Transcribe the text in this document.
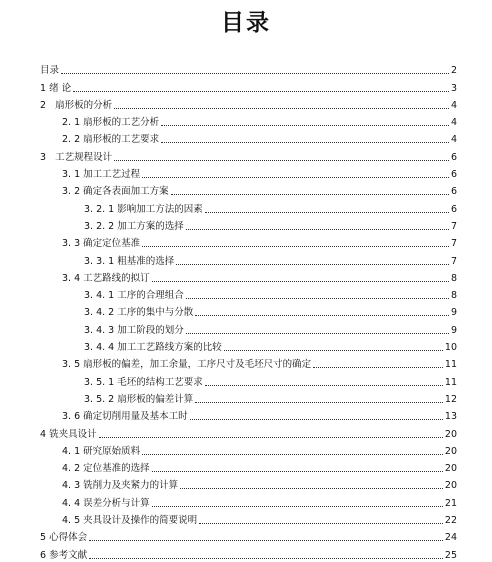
目录
目录	2
1 绪 论	3
2   扇形板的分析	4
2. 1 扇形板的工艺分析	4
2. 2 扇形板的工艺要求	4
3   工艺规程设计	6
3. 1 加工工艺过程	6
3. 2 确定各表面加工方案	6
3. 2. 1 影响加工方法的因素	6
3. 2. 2 加工方案的选择	7
3. 3 确定定位基准	7
3. 3. 1 粗基准的选择	7
3. 4 工艺路线的拟订	8
3. 4. 1 工序的合理组合	8
3. 4. 2 工序的集中与分散	9
3. 4. 3 加工阶段的划分	9
3. 4. 4 加工工艺路线方案的比较	10
3. 5 扇形板的偏差，加工余量，工序尺寸及毛坯尺寸的确定	11
3. 5. 1 毛坯的结构工艺要求	11
3. 5. 2 扇形板的偏差计算	12
3. 6 确定切削用量及基本工时	13
4 铣夹具设计	20
4. 1 研究原始质料	20
4. 2 定位基准的选择	20
4. 3 铣削力及夹紧力的计算	20
4. 4 误差分析与计算	21
4. 5 夹具设计及操作的简要说明	22
5 心得体会	24
6 参考文献	25
